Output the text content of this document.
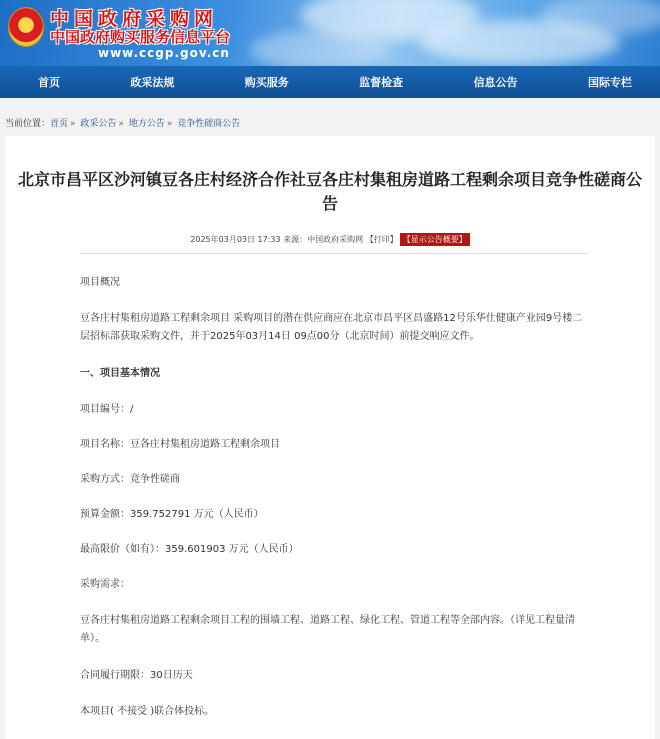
★ 中国政府采购网
中国政府购买服务信息平台
www.ccgp.gov.cn
首页	政采法规	购买服务	监督检查	信息公告	国际专栏
当前位置：首页 » 政采公告 » 地方公告 » 竞争性磋商公告
北京市昌平区沙河镇豆各庄村经济合作社豆各庄村集租房道路工程剩余项目竞争性磋商公告
2025年03月03日 17:33 来源：中国政府采购网 【打印】 【显示公告概要】
项目概况
豆各庄村集租房道路工程剩余项目 采购项目的潜在供应商应在北京市昌平区昌盛路12号乐华仕健康产业园9号楼二层招标部获取采购文件，并于2025年03月14日 09点00分（北京时间）前提交响应文件。
一、项目基本情况
项目编号：/
项目名称：豆各庄村集租房道路工程剩余项目
采购方式：竞争性磋商
预算金额：359.752791 万元（人民币）
最高限价（如有）：359.601903 万元（人民币）
采购需求：
豆各庄村集租房道路工程剩余项目工程的围墙工程、道路工程、绿化工程、管道工程等全部内容。（详见工程量清单）。
合同履行期限：30日历天
本项目( 不接受 )联合体投标。
